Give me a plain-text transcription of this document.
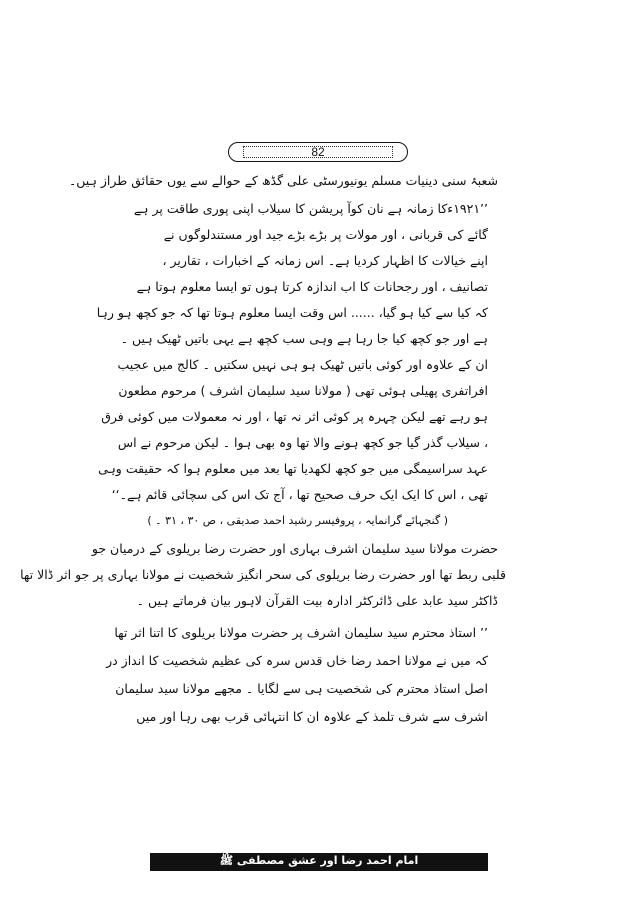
82
شعبۂ سنی دینیات مسلم یونیورسٹی علی گڈھ کے حوالے سے یوں حقائق طراز ہیں۔
’’۱۹۲۱ءکا زمانہ ہے نان کوآ پریشن کا سیلاب اپنی پوری طاقت پر ہے
گائے کی قربانی ، اور مولات پر بڑے بڑے جید اور مستندلوگوں نے
اپنے خیالات کا اظہار کردیا ہے۔ اس زمانہ کے اخبارات ، تقاریر ،
تصانیف ، اور رجحانات کا اب اندازہ کرتا ہوں تو ایسا معلوم ہوتا ہے
کہ کیا سے کیا ہو گیا، ...... اس وقت ایسا معلوم ہوتا تھا کہ جو کچھ ہو رہا
ہے اور جو کچھ کیا جا رہا ہے وہی سب کچھ ہے یہی باتیں ٹھیک ہیں ۔
ان کے علاوہ اور کوئی باتیں ٹھیک ہو ہی نہیں سکتیں ۔ کالج میں عجیب
افراتفری پھیلی ہوئی تھی ( مولانا سید سلیمان اشرف ) مرحوم مطعون
ہو رہے تھے لیکن چہرہ پر کوئی اثر نہ تھا ، اور نہ معمولات میں کوئی فرق
، سیلاب گذر گیا جو کچھ ہونے والا تھا وہ بھی ہوا ۔ لیکن مرحوم نے اس
عہد سراسیمگی میں جو کچھ لکھدیا تھا بعد میں معلوم ہوا کہ حقیقت وہی
تھی ، اس کا ایک ایک حرف صحیح تھا ، آج تک اس کی سچائی قائم ہے۔‘‘
( گنجہائے گرانمایہ ، پروفیسر رشید احمد صدیقی ، ص ۳۰ ، ۳۱ ۔ )
حضرت مولانا سید سلیمان اشرف بہاری اور حضرت رضا بریلوی کے درمیان جو
قلبی ربط تھا اور حضرت رضا بریلوی کی سحر انگیز شخصیت نے مولانا بہاری پر جو اثر ڈالا تھا
ڈاکٹر سید عابد علی ڈائرکٹر ادارہ بیت القرآن لاہور بیان فرماتے ہیں ۔
’’ استاذ محترم سید سلیمان اشرف پر حضرت مولانا بریلوی کا اتنا اثر تھا
کہ میں نے مولانا احمد رضا خاں قدس سرہ کی عظیم شخصیت کا انداز در
اصل استاذ محترم کی شخصیت ہی سے لگایا ۔ مجھے مولانا سید سلیمان
اشرف سے شرف تلمذ کے علاوہ ان کا انتہائی قرب بھی رہا اور میں
امام احمد رضا اور عشق مصطفی ﷺ
